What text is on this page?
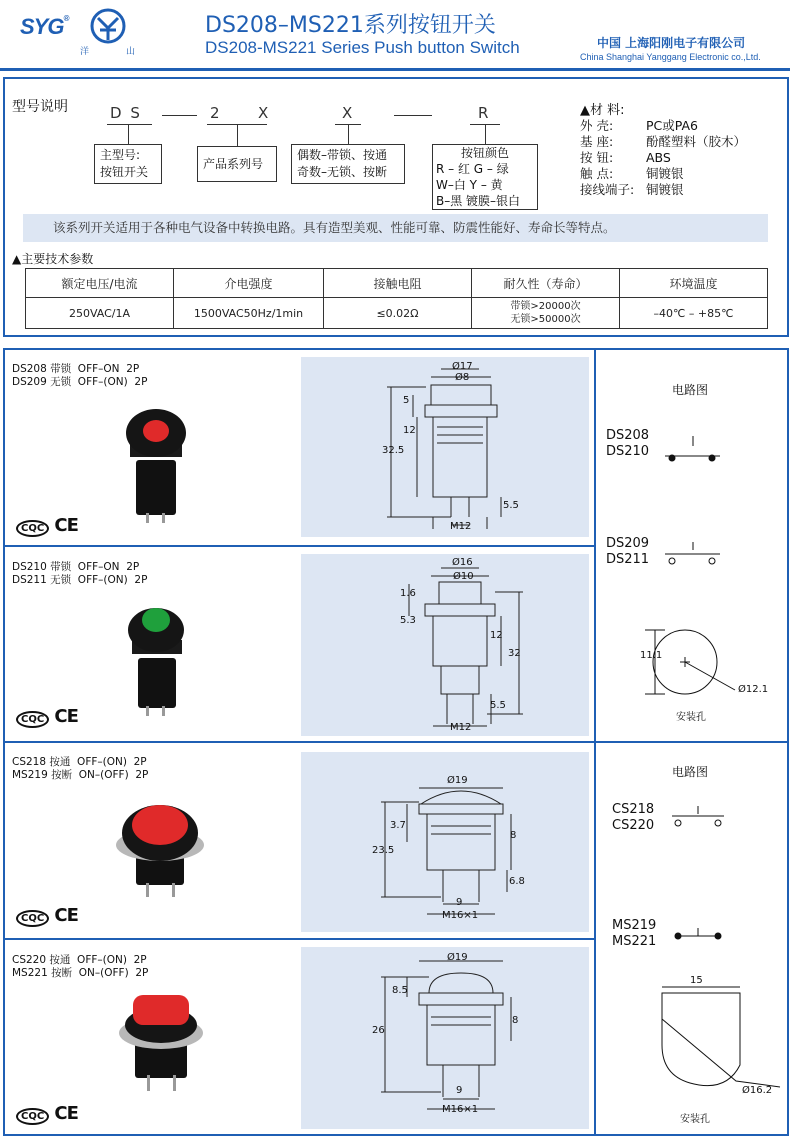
SYG®
洋	山
DS208–MS221系列按钮开关
DS208-MS221 Series Push button Switch	中国 上海阳刚电子有限公司
China Shanghai Yanggang Electronic co.,Ltd.
型号说明	D S	2 X	X	R
主型号:
按钮开关
产品系列号
偶数–带锁、按通
奇数–无锁、按断
按钮颜色
R – 红 G – 绿
W–白 Y – 黄
B–黑 镀膜–银白
▲材 料:
外 壳:	PC或PA6
基 座:	酚醛塑料（胶木）
按 钮:	ABS
触 点:	铜镀银
接线端子: 铜镀银
该系列开关适用于各种电气设备中转换电路。具有造型美观、性能可靠、防震性能好、寿命长等特点。
▲主要技术参数
额定电压/电流	介电强度	接触电阻	耐久性（寿命）	环境温度
250VAC/1A	1500VAC50Hz/1min	≤0.02Ω	带锁>20000次
无锁>50000次	–40℃ – +85℃
DS208 带锁  OFF–ON  2P
DS209 无锁  OFF–(ON)  2P
CQC CE
Ø17
Ø8
5
12
32.5
5.5
M12
DS210 带锁  OFF–ON  2P
DS211 无锁  OFF–(ON)  2P
CQC CE
Ø16
Ø10
1.6
5.3
12
32
5.5
M12
CS218 按通  OFF–(ON)  2P
MS219 按断  ON–(OFF)  2P
CQC CE
Ø19
3.7
8
23.5
6.8
9
M16×1
CS220 按通  OFF–(ON)  2P
MS221 按断  ON–(OFF)  2P
CQC CE
Ø19
8.5
8
26
9
M16×1
电路图
DS208
DS210
DS209
DS211
11.1
Ø12.1
安装孔
电路图
CS218
CS220
MS219
MS221
15
Ø16.2
安装孔
